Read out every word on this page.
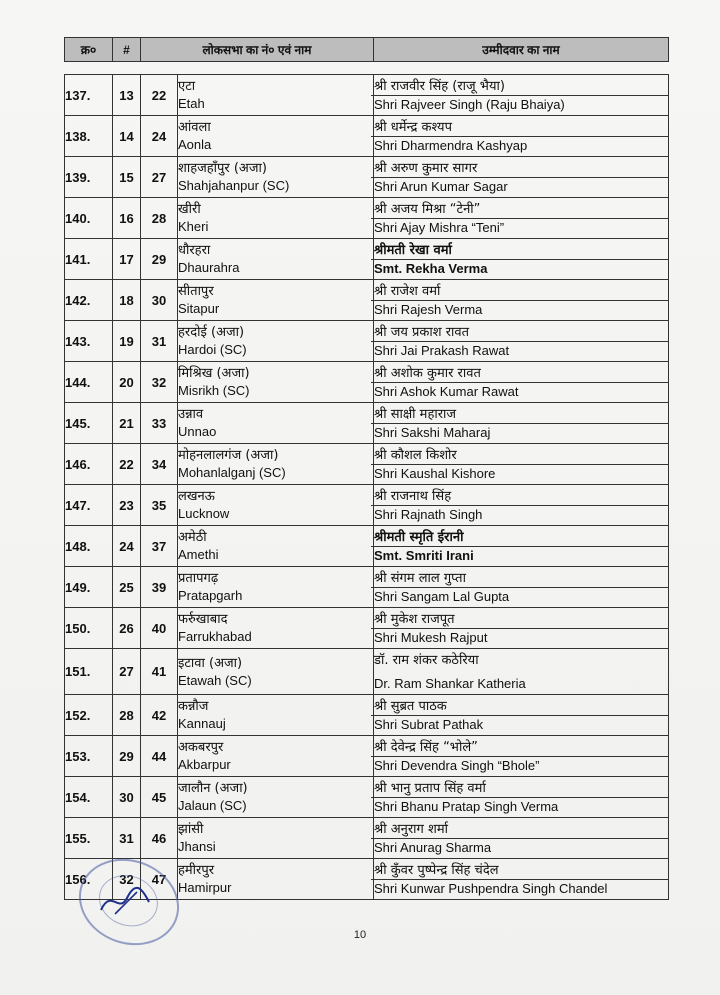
क्र०	#	लोकसभा का नं० एवं नाम		उम्मीदवार का नाम

137.	13	22	एटा
Etah	श्री राजवीर सिंह (राजू भैया)
Shri Rajveer Singh (Raju Bhaiya)

138.	14	24	आंवला
Aonla	श्री धर्मेन्द्र कश्यप
Shri Dharmendra Kashyap

139.	15	27	शाहजहाँपुर (अजा)
Shahjahanpur (SC)	श्री अरुण कुमार सागर
Shri Arun Kumar Sagar

140.	16	28	खीरी
Kheri	श्री अजय मिश्रा “टेनी”
Shri Ajay Mishra “Teni”

141.	17	29	धौरहरा
Dhaurahra	श्रीमती रेखा वर्मा
Smt. Rekha Verma

142.	18	30	सीतापुर
Sitapur	श्री राजेश वर्मा
Shri Rajesh Verma

143.	19	31	हरदोई (अजा)
Hardoi (SC)	श्री जय प्रकाश रावत
Shri Jai Prakash Rawat

144.	20	32	मिश्रिख (अजा)
Misrikh (SC)	श्री अशोक कुमार रावत
Shri Ashok Kumar Rawat

145.	21	33	उन्नाव
Unnao	श्री साक्षी महाराज
Shri Sakshi Maharaj

146.	22	34	मोहनलालगंज (अजा)
Mohanlalganj (SC)	श्री कौशल किशोर
Shri Kaushal Kishore

147.	23	35	लखनऊ
Lucknow	श्री राजनाथ सिंह
Shri Rajnath Singh

148.	24	37	अमेठी
Amethi	श्रीमती स्मृति ईरानी
Smt. Smriti Irani

149.	25	39	प्रतापगढ़
Pratapgarh	श्री संगम लाल गुप्ता
Shri Sangam Lal Gupta

150.	26	40	फर्रुखाबाद
Farrukhabad	श्री मुकेश राजपूत
Shri Mukesh Rajput

151.	27	41	इटावा (अजा)
Etawah (SC)	डॉ. राम शंकर कठेरिया
Dr. Ram Shankar Katheria

152.	28	42	कन्नौज
Kannauj	श्री सुब्रत पाठक
Shri Subrat Pathak

153.	29	44	अकबरपुर
Akbarpur	श्री देवेन्द्र सिंह “भोले”
Shri Devendra Singh “Bhole”

154.	30	45	जालौन (अजा)
Jalaun (SC)	श्री भानु प्रताप सिंह वर्मा
Shri Bhanu Pratap Singh Verma

155.	31	46	झांसी
Jhansi	श्री अनुराग शर्मा
Shri Anurag Sharma

156.	32	47	हमीरपुर
Hamirpur	श्री कुँवर पुष्पेन्द्र सिंह चंदेल
Shri Kunwar Pushpendra Singh Chandel
10
